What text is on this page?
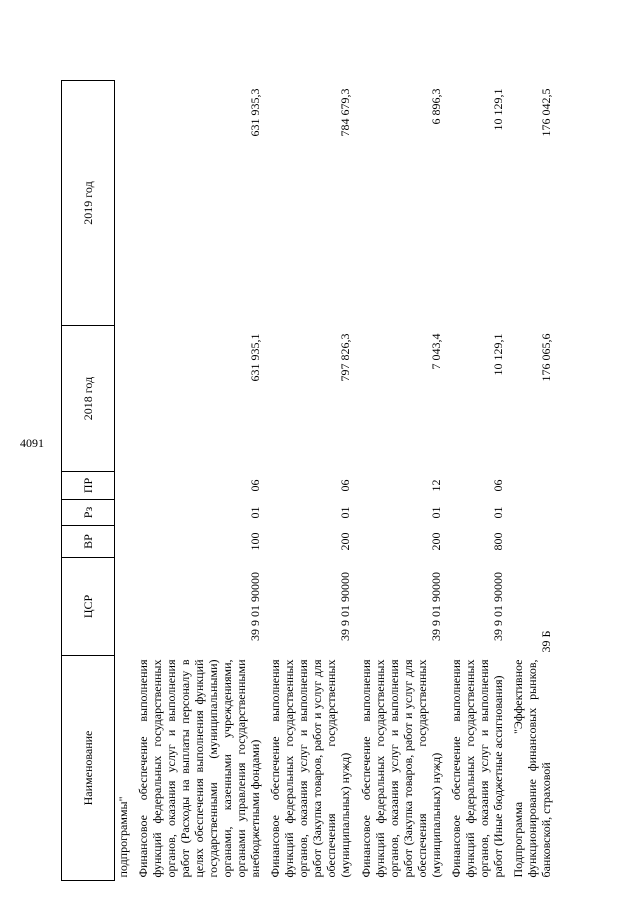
4091
Наименование	ЦСР	ВР	Рз	ПР	2018 год	2019 год
подпрограммы"						
Финансовое обеспечение выполнения функций федеральных государственных органов, оказания услуг и выполнения работ (Расходы на выплаты персоналу в целях обеспечения выполнения функций государственными (муниципальными) органами, казенными учреждениями, органами управления государственными внебюджетными фондами)	39 9 01 90000	100	01	06	631 935,1	631 935,3
Финансовое обеспечение выполнения функций федеральных государственных органов, оказания услуг и выполнения работ (Закупка товаров, работ и услуг для обеспечения государственных (муниципальных) нужд)	39 9 01 90000	200	01	06	797 826,3	784 679,3
Финансовое обеспечение выполнения функций федеральных государственных органов, оказания услуг и выполнения работ (Закупка товаров, работ и услуг для обеспечения государственных (муниципальных) нужд)	39 9 01 90000	200	01	12	7 043,4	6 896,3
Финансовое обеспечение выполнения функций федеральных государственных органов, оказания услуг и выполнения работ (Иные бюджетные ассигнования)	39 9 01 90000	800	01	06	10 129,1	10 129,1
Подпрограмма "Эффективное функционирование финансовых рынков, банковской, страховой	39 Б				176 065,6	176 042,5
